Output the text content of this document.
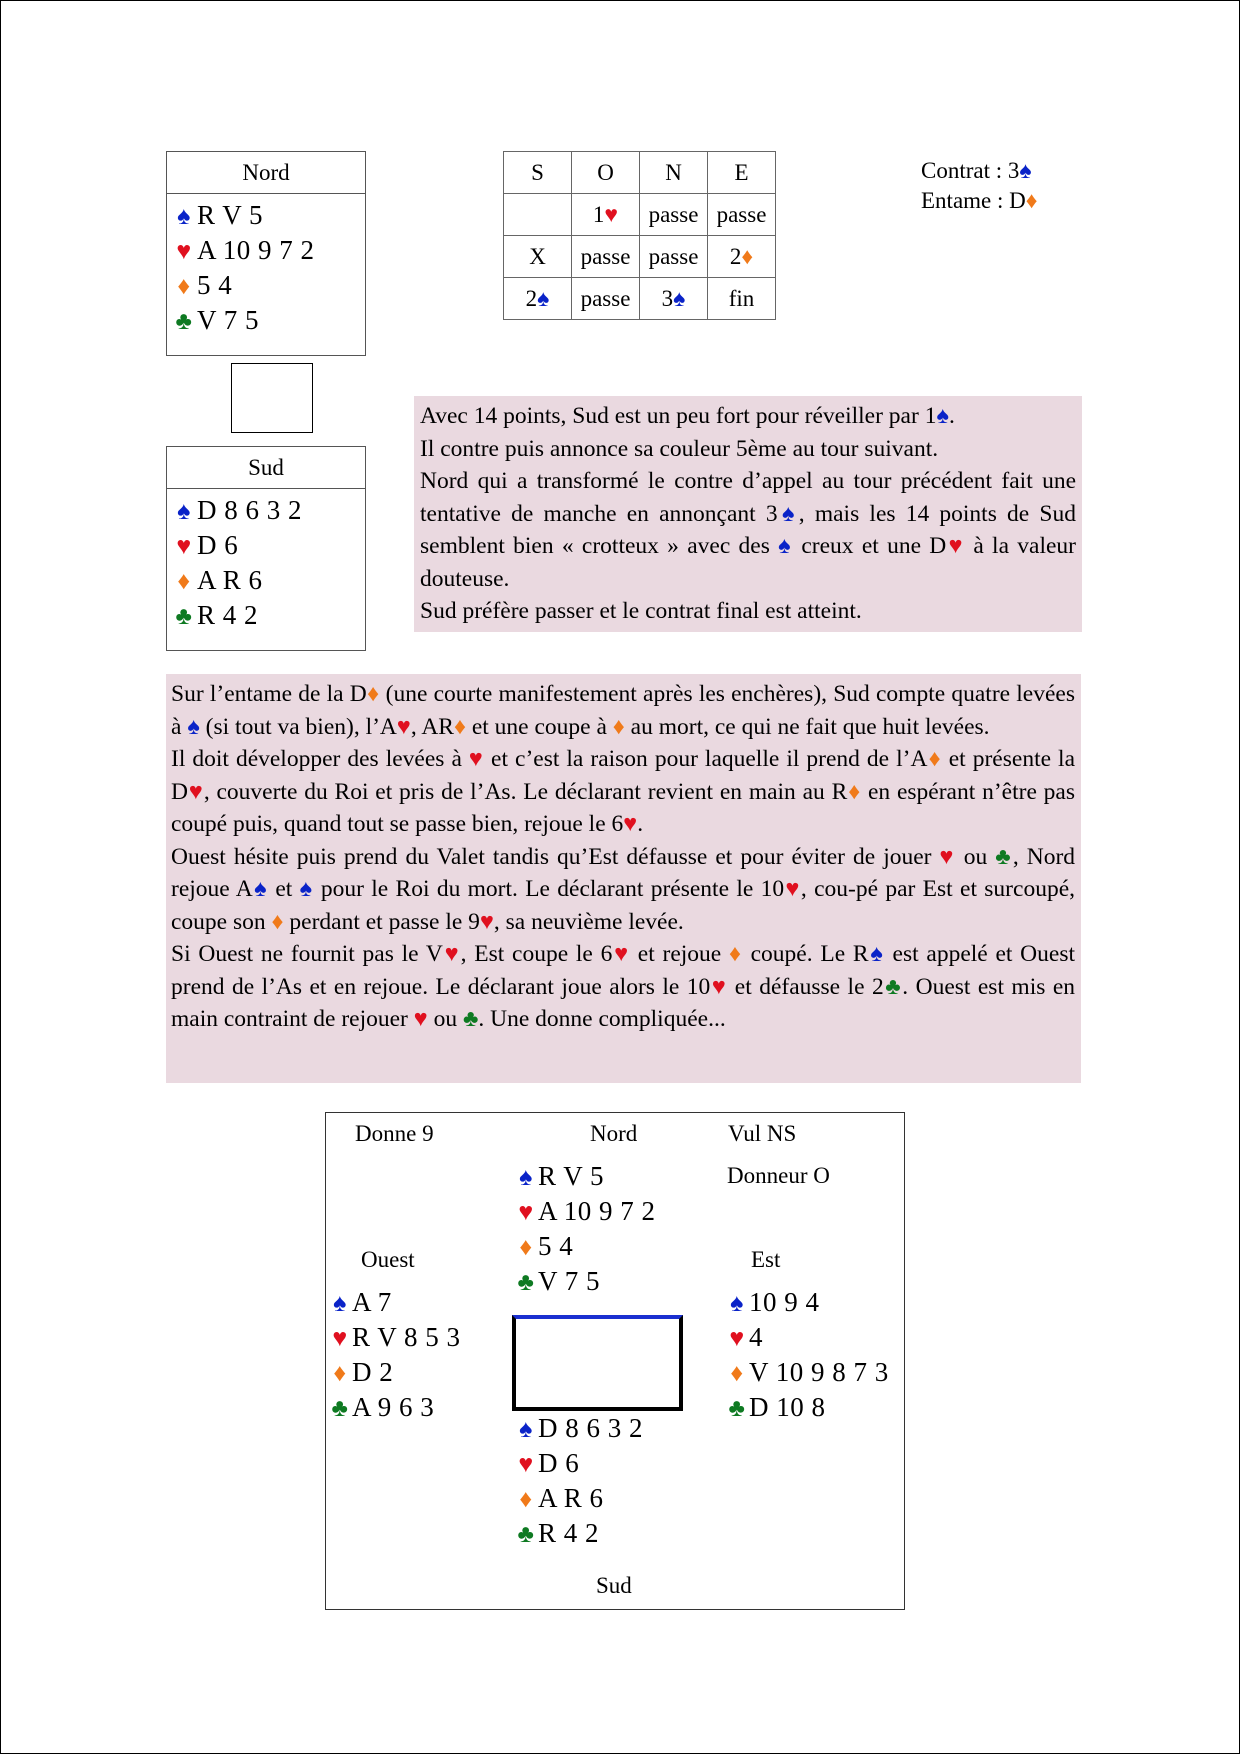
Nord
♠ R V 5
♥ A 10 9 7 2
♦ 5 4
♣ V 7 5
Sud
♠ D 8 6 3 2
♥ D 6
♦ A R 6
♣ R 4 2
S	O	N	E
	1♥	passe	passe
X	passe	passe	2♦
2♠	passe	3♠	fin
Contrat : 3♠
Entame : D♦

Avec 14 points, Sud est un peu fort pour réveiller par 1♠.

Il contre puis annonce sa couleur 5ème au tour suivant.

Nord qui a transformé le contre d’appel au tour précédent fait une tentative de manche en annonçant 3♠, mais les 14 points de Sud semblent bien « crotteux » avec des ♠ creux et une D♥ à la valeur douteuse.

Sud préfère passer et le contrat final est atteint.

Sur l’entame de la D♦ (une courte manifestement après les enchères), Sud compte quatre levées à ♠ (si tout va bien), l’A♥, AR♦ et une coupe à ♦ au mort, ce qui ne fait que huit levées.

Il doit développer des levées à ♥ et c’est la raison pour laquelle il prend de l’A♦ et présente la D♥, couverte du Roi et pris de l’As. Le déclarant revient en main au R♦ en espérant n’être pas coupé puis, quand tout se passe bien, rejoue le 6♥.

Ouest hésite puis prend du Valet tandis qu’Est défausse et pour éviter de jouer ♥ ou ♣, Nord rejoue A♠ et ♠ pour le Roi du mort. Le déclarant présente le 10♥, cou-pé par Est et surcoupé, coupe son ♦ perdant et passe le 9♥, sa neuvième levée.

Si Ouest ne fournit pas le V♥, Est coupe le 6♥ et rejoue ♦ coupé. Le R♠ est appelé et Ouest prend de l’As et en rejoue. Le déclarant joue alors le 10♥ et défausse le 2♣. Ouest est mis en main contraint de rejouer ♥ ou ♣. Une donne compliquée...

Donne 9	Nord	Vul NS
Donneur O
Ouest	Est
Sud
♠ R V 5
♥ A 10 9 7 2
♦ 5 4
♣ V 7 5
♠ A 7
♥ R V 8 5 3
♦ D 2
♣ A 9 6 3
♠ 10 9 4
♥ 4
♦ V 10 9 8 7 3
♣ D 10 8
♠ D 8 6 3 2
♥ D 6
♦ A R 6
♣ R 4 2
